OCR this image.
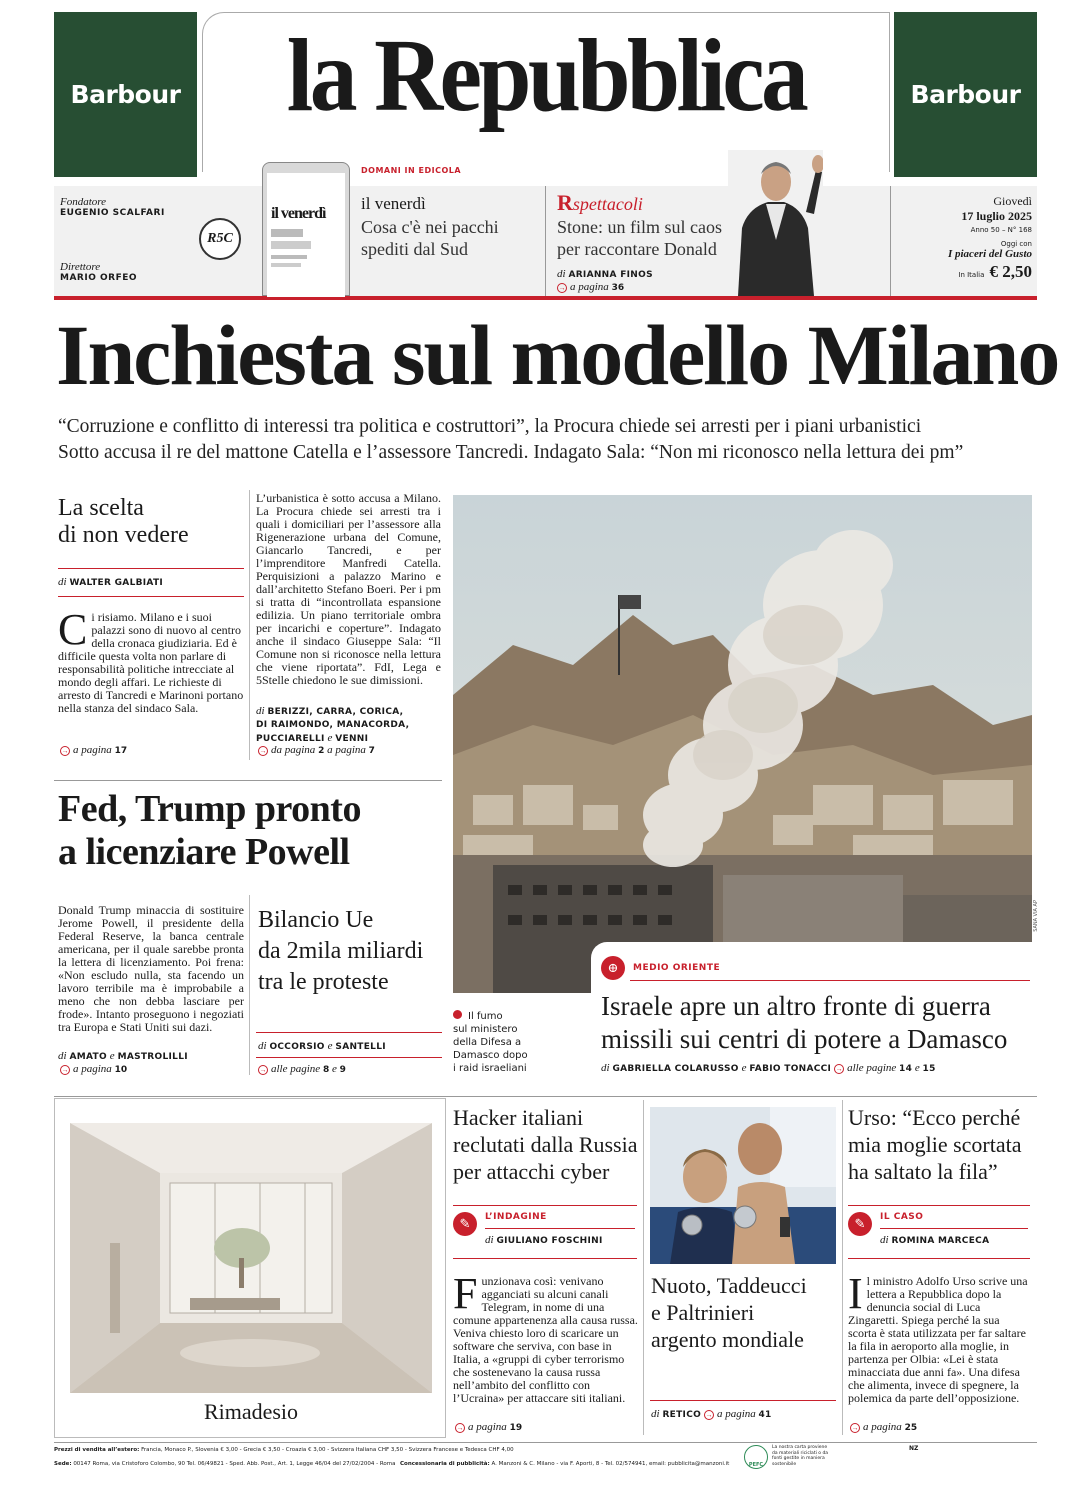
Barbour	Barbour
la Repubblica
Fondatore
EUGENIO SCALFARI
Direttore
MARIO ORFEO
R5C
il venerdì
DOMANI IN EDICOLA
il venerdì
Cosa c'è nei pacchi spediti dal Sud
Rspettacoli
Stone: un film sul caos per raccontare Donald
di ARIANNA FINOS
→ a pagina 36
Giovedì
17 luglio 2025
Anno 50 – N° 168
Oggi con
I piaceri del Gusto
In Italia € 2,50
Inchiesta sul modello Milano
“Corruzione e conflitto di interessi tra politica e costruttori”, la Procura chiede sei arresti per i piani urbanistici
Sotto accusa il re del mattone Catella e l’assessore Tancredi. Indagato Sala: “Non mi riconosco nella lettura dei pm”
La scelta
di non vedere
di WALTER GALBIATI
Ci risiamo. Milano e i suoi palazzi sono di nuovo al centro della cronaca giudiziaria. Ed è difficile questa volta non parlare di responsabilità politiche intrecciate al mondo degli affari. Le richieste di arresto di Tancredi e Marinoni portano nella stanza del sindaco Sala.
→ a pagina 17
L’urbanistica è sotto accusa a Milano. La Procura chiede sei arresti tra i quali i domiciliari per l’assessore alla Rigenerazione urbana del Comune, Giancarlo Tancredi, e per l’imprenditore Manfredi Catella. Perquisizioni a palazzo Marino e dall’architetto Stefano Boeri. Per i pm si tratta di “incontrollata espansione edilizia. Un piano territoriale ombra per incarichi e coperture”. Indagato anche il sindaco Giuseppe Sala: “Il Comune non si riconosce nella lettura che viene riportata”. FdI, Lega e 5Stelle chiedono le sue dimissioni.
di BERIZZI, CARRA, CORICA,
DI RAIMONDO, MANACORDA,
PUCCIARELLI e VENNI
→ da pagina 2 a pagina 7
Fed, Trump pronto
a licenziare Powell
Donald Trump minaccia di sostituire Jerome Powell, il presidente della Federal Reserve, la banca centrale americana, per il quale sarebbe pronta la lettera di licenziamento. Poi frena: «Non escludo nulla, sta facendo un lavoro terribile ma è improbabile a meno che non debba lasciare per frode». Intanto proseguono i negoziati tra Europa e Stati Uniti sui dazi.
di AMATO e MASTROLILLI
→ a pagina 10
Bilancio Ue
da 2mila miliardi
tra le proteste
di OCCORSIO e SANTELLI
→ alle pagine 8 e 9
SANA VIA AP
Il fumo
sul ministero
della Difesa a
Damasco dopo
i raid israeliani
⊕	MEDIO ORIENTE
Israele apre un altro fronte di guerra
missili sui centri di potere a Damasco
di GABRIELLA COLARUSSO e FABIO TONACCI → alle pagine 14 e 15
Rimadesio
Hacker italiani
reclutati dalla Russia
per attacchi cyber
✎	L’INDAGINE
di GIULIANO FOSCHINI
Funzionava così: venivano agganciati su alcuni canali Telegram, in nome di una comune appartenenza alla causa russa. Veniva chiesto loro di scaricare un software che serviva, con base in Italia, a «gruppi di cyber terrorismo che sostenevano la causa russa nell’ambito del conflitto con l’Ucraina» per attaccare siti italiani.
→ a pagina 19
Nuoto, Taddeucci
e Paltrinieri
argento mondiale
di RETICO → a pagina 41
Urso: “Ecco perché
mia moglie scortata
ha saltato la fila”
✎	IL CASO
di ROMINA MARCECA
Il ministro Adolfo Urso scrive una lettera a Repubblica dopo la denuncia social di Luca Zingaretti. Spiega perché la sua scorta è stata utilizzata per far saltare la fila in aeroporto alla moglie, in partenza per Olbia: «Lei è stata minacciata due anni fa». Una difesa che alimenta, invece di spegnere, la polemica da parte dell’opposizione.
→ a pagina 25
Prezzi di vendita all’estero: Francia, Monaco P., Slovenia € 3,00 - Grecia € 3,50 - Croazia € 3,00 - Svizzera Italiana CHF 3,50 - Svizzera Francese e Tedesca CHF 4,00
Sede: 00147 Roma, via Cristoforo Colombo, 90 Tel. 06/49821 - Sped. Abb. Post., Art. 1, Legge 46/04 del 27/02/2004 - Roma Concessionaria di pubblicità: A. Manzoni & C. Milano - via F. Aporti, 8 - Tel. 02/574941, email: pubblicita@manzoni.it	PEFC
La nostra carta proviene da materiali riciclati o da fonti gestite in maniera sostenibile
NZ
